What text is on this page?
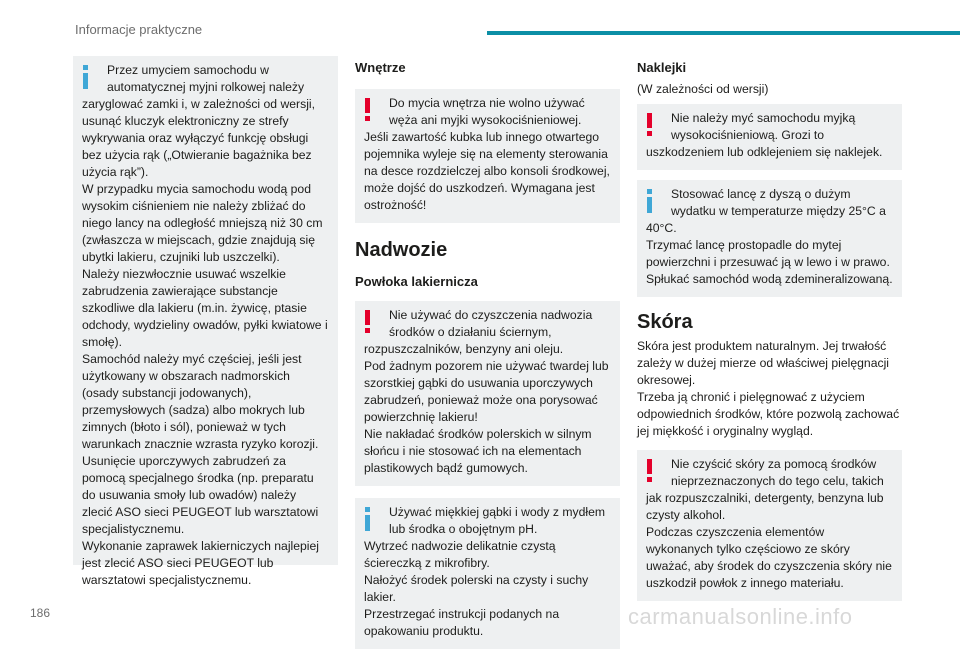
Informacje praktyczne

Przez umyciem samochodu w automatycznej myjni rolkowej należy

zaryglować zamki i, w zależności od wersji, usunąć kluczyk elektroniczny ze strefy wykrywania oraz wyłączyć funkcję obsługi bez użycia rąk („Otwieranie bagażnika bez użycia rąk”).
W przypadku mycia samochodu wodą pod wysokim ciśnieniem nie należy zbliżać do niego lancy na odległość mniejszą niż 30 cm (zwłaszcza w miejscach, gdzie znajdują się ubytki lakieru, czujniki lub uszczelki).
Należy niezwłocznie usuwać wszelkie zabrudzenia zawierające substancje szkodliwe dla lakieru (m.in. żywicę, ptasie odchody, wydzieliny owadów, pyłki kwiatowe i smołę).
Samochód należy myć częściej, jeśli jest użytkowany w obszarach nadmorskich (osady substancji jodowanych), przemysłowych (sadza) albo mokrych lub zimnych (błoto i sól), ponieważ w tych warunkach znacznie wzrasta ryzyko korozji.
Usunięcie uporczywych zabrudzeń za pomocą specjalnego środka (np. preparatu do usuwania smoły lub owadów) należy zlecić ASO sieci PEUGEOT lub warsztatowi specjalistycznemu.
Wykonanie zaprawek lakierniczych najlepiej jest zlecić ASO sieci PEUGEOT lub warsztatowi specjalistycznemu.

Wnętrze

Do mycia wnętrza nie wolno używać węża ani myjki wysokociśnieniowej.

Jeśli zawartość kubka lub innego otwartego pojemnika wyleje się na elementy sterowania na desce rozdzielczej albo konsoli środkowej, może dojść do uszkodzeń. Wymagana jest ostrożność!

Nadwozie

Powłoka lakiernicza

Nie używać do czyszczenia nadwozia środków o działaniu ściernym,

rozpuszczalników, benzyny ani oleju.
Pod żadnym pozorem nie używać twardej lub szorstkiej gąbki do usuwania uporczywych zabrudzeń, ponieważ może ona porysować powierzchnię lakieru!
Nie nakładać środków polerskich w silnym słońcu i nie stosować ich na elementach plastikowych bądź gumowych.

Używać miękkiej gąbki i wody z mydłem lub środka o obojętnym pH.

Wytrzeć nadwozie delikatnie czystą ściereczką z mikrofibry.
Nałożyć środek polerski na czysty i suchy lakier.
Przestrzegać instrukcji podanych na opakowaniu produktu.

Naklejki

(W zależności od wersji)

Nie należy myć samochodu myjką wysokociśnieniową. Grozi to

uszkodzeniem lub odklejeniem się naklejek.

Stosować lancę z dyszą o dużym wydatku w temperaturze między 25°C a

40°C.
Trzymać lancę prostopadle do mytej powierzchni i przesuwać ją w lewo i w prawo.
Spłukać samochód wodą zdemineralizowaną.

Skóra

Skóra jest produktem naturalnym. Jej trwałość zależy w dużej mierze od właściwej pielęgnacji okresowej.
Trzeba ją chronić i pielęgnować z użyciem odpowiednich środków, które pozwolą zachować jej miękkość i oryginalny wygląd.

Nie czyścić skóry za pomocą środków nieprzeznaczonych do tego celu, takich

jak rozpuszczalniki, detergenty, benzyna lub czysty alkohol.
Podczas czyszczenia elementów wykonanych tylko częściowo ze skóry uważać, aby środek do czyszczenia skóry nie uszkodził powłok z innego materiału.

186	carmanualsonline.info
